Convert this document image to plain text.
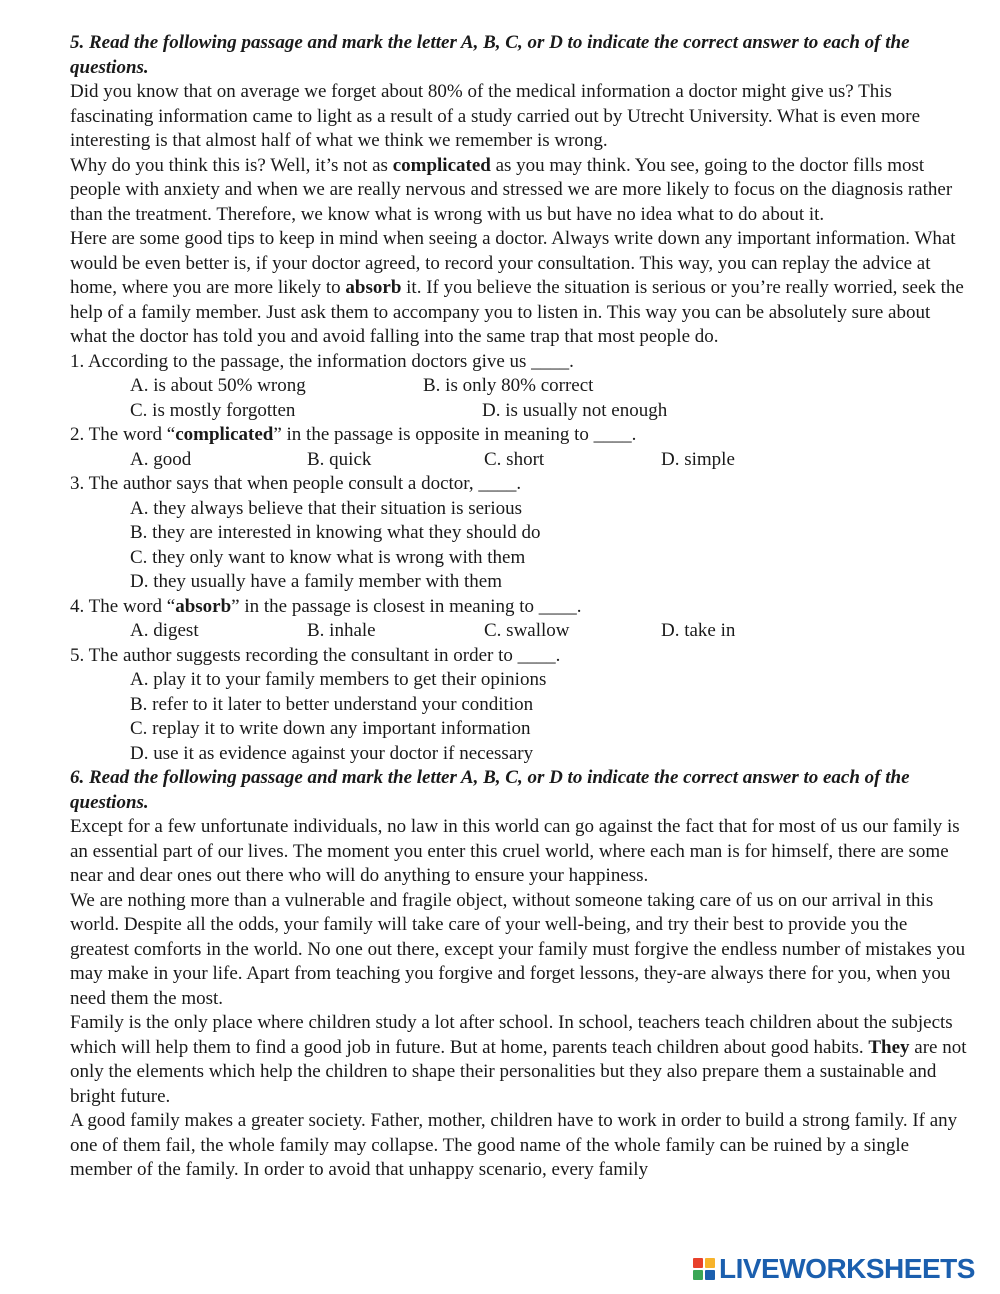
5. Read the following passage and mark the letter A, B, C, or D to indicate the correct answer to each of the questions.

Did you know that on average we forget about 80% of the medical information a doctor might give us? This fascinating information came to light as a result of a study carried out by Utrecht University. What is even more interesting is that almost half of what we think we remember is wrong.

Why do you think this is? Well, it’s not as complicated as you may think. You see, going to the doctor fills most people with anxiety and when we are really nervous and stressed we are more likely to focus on the diagnosis rather than the treatment. Therefore, we know what is wrong with us but have no idea what to do about it.

Here are some good tips to keep in mind when seeing a doctor. Always write down any important information. What would be even better is, if your doctor agreed, to record your consultation. This way, you can replay the advice at home, where you are more likely to absorb it. If you believe the situation is serious or you’re really worried, seek the help of a family member. Just ask them to accompany you to listen in. This way you can be absolutely sure about what the doctor has told you and avoid falling into the same trap that most people do.

1. According to the passage, the information doctors give us ____.

A. is about 50% wrong	B. is only 80% correct
C. is mostly forgotten	D. is usually not enough

2. The word “complicated” in the passage is opposite in meaning to ____.

A. good	B. quick	C. short	D. simple

3. The author says that when people consult a doctor, ____.

A. they always believe that their situation is serious

B. they are interested in knowing what they should do

C. they only want to know what is wrong with them

D. they usually have a family member with them

4. The word “absorb” in the passage is closest in meaning to ____.

A. digest	B. inhale	C. swallow	D. take in

5. The author suggests recording the consultant in order to ____.

A. play it to your family members to get their opinions

B. refer to it later to better understand your condition

C. replay it to write down any important information

D. use it as evidence against your doctor if necessary

6. Read the following passage and mark the letter A, B, C, or D to indicate the correct answer to each of the questions.

Except for a few unfortunate individuals, no law in this world can go against the fact that for most of us our family is an essential part of our lives. The moment you enter this cruel world, where each man is for himself, there are some near and dear ones out there who will do anything to ensure your happiness.

We are nothing more than a vulnerable and fragile object, without someone taking care of us on our arrival in this world. Despite all the odds, your family will take care of your well-being, and try their best to provide you the greatest comforts in the world. No one out there, except your family must forgive the endless number of mistakes you may make in your life. Apart from teaching you forgive and forget lessons, they-are always there for you, when you need them the most.

Family is the only place where children study a lot after school. In school, teachers teach children about the subjects which will help them to find a good job in future. But at home, parents teach children about good habits. They are not only the elements which help the children to shape their personalities but they also prepare them a sustainable and bright future.

A good family makes a greater society. Father, mother, children have to work in order to build a strong family. If any one of them fail, the whole family may collapse. The good name of the whole family can be ruined by a single member of the family. In order to avoid that unhappy scenario, every family

LIVEWORKSHEETS
